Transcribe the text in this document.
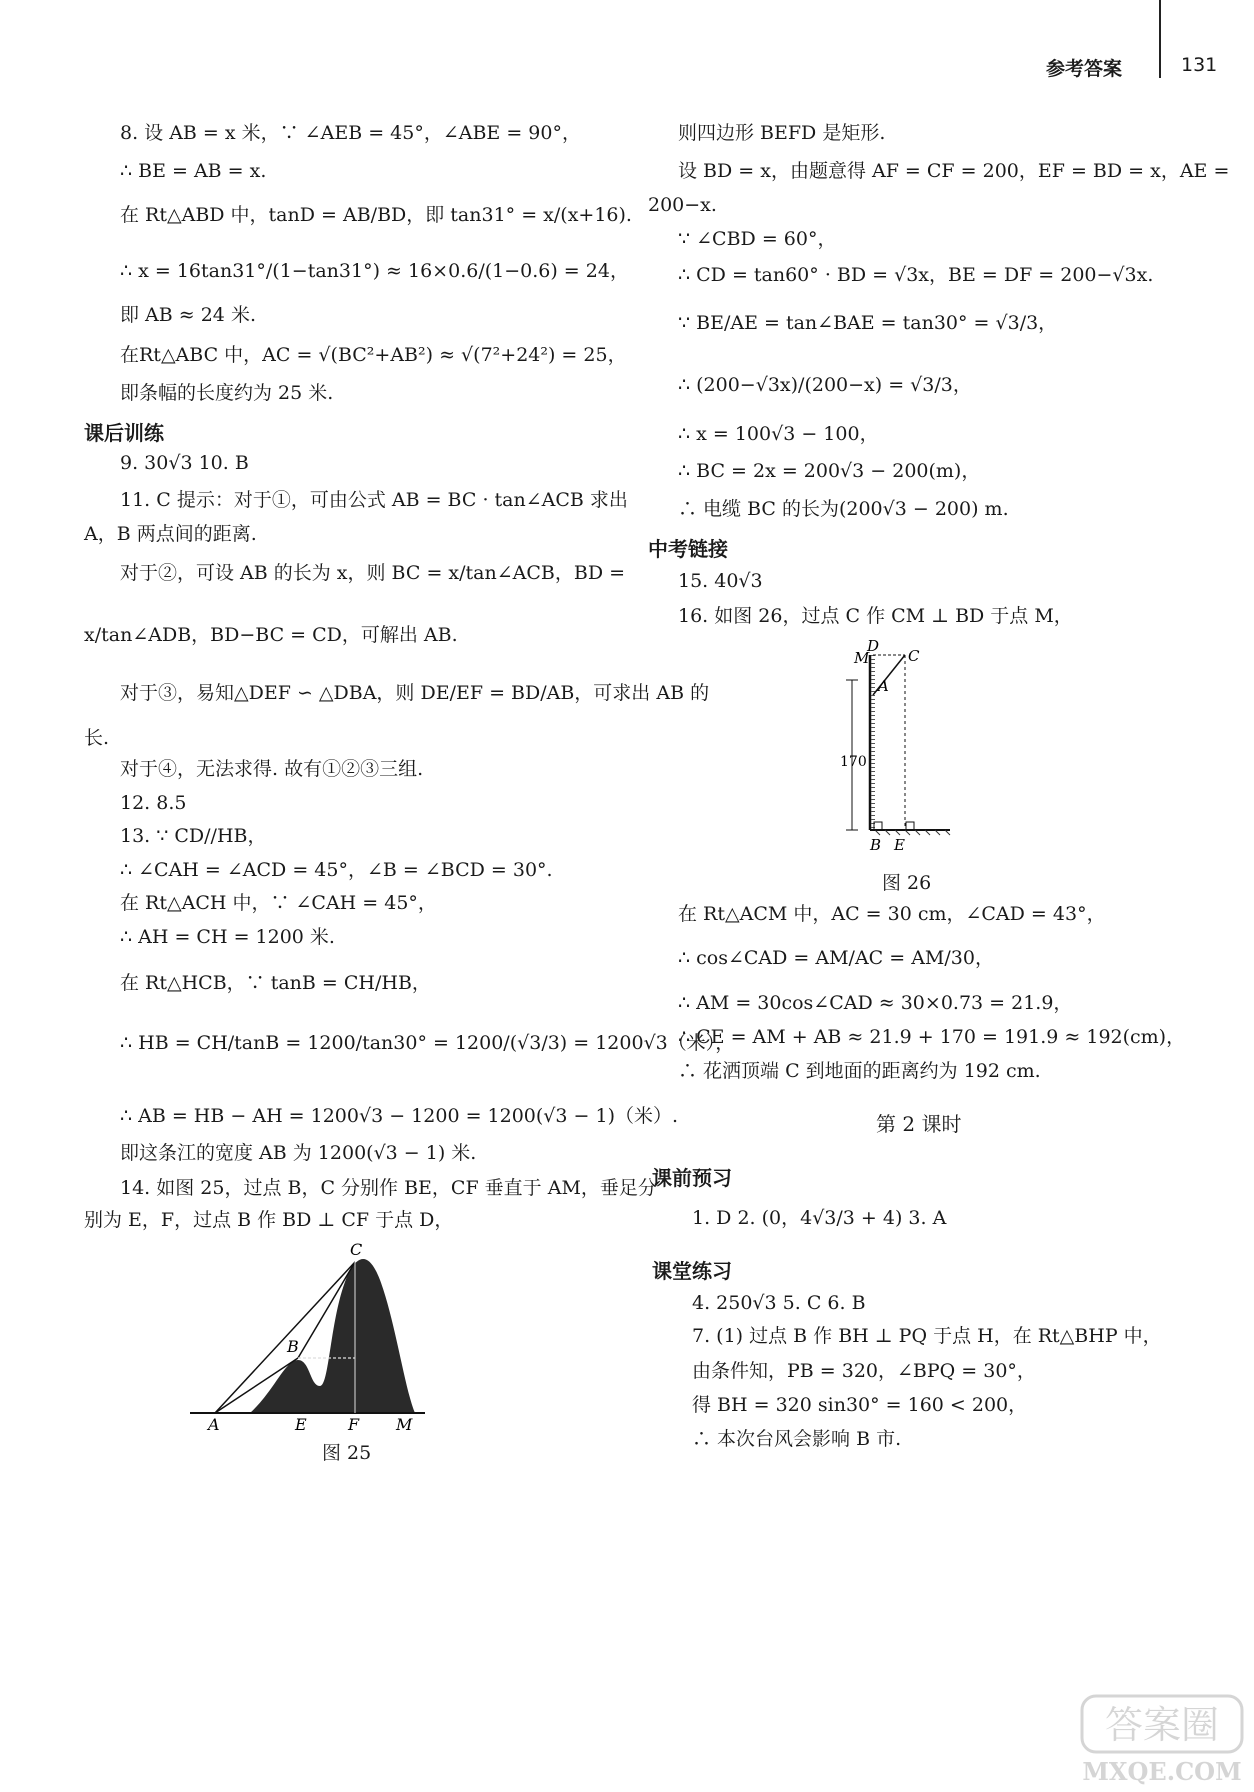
参考答案	131
8. 设 AB = x 米，∵ ∠AEB = 45°，∠ABE = 90°，
∴ BE = AB = x.
在 Rt△ABD 中，tanD = AB/BD，即 tan31° = x/(x+16).
∴ x = 16tan31°/(1−tan31°) ≈ 16×0.6/(1−0.6) = 24，
即 AB ≈ 24 米.
在Rt△ABC 中，AC = √(BC²+AB²) ≈ √(7²+24²) = 25，
即条幅的长度约为 25 米.
课后训练
9. 30√3 10. B
11. C 提示：对于①，可由公式 AB = BC · tan∠ACB 求出
A，B 两点间的距离.
对于②，可设 AB 的长为 x，则 BC = x/tan∠ACB，BD =
x/tan∠ADB，BD−BC = CD，可解出 AB.
对于③，易知△DEF ∽ △DBA，则 DE/EF = BD/AB，可求出 AB 的
长.
对于④，无法求得. 故有①②③三组.
12. 8.5
13. ∵ CD//HB，
∴ ∠CAH = ∠ACD = 45°，∠B = ∠BCD = 30°.
在 Rt△ACH 中，∵ ∠CAH = 45°，
∴ AH = CH = 1200 米.
在 Rt△HCB，∵ tanB = CH/HB，
∴ HB = CH/tanB = 1200/tan30° = 1200/(√3/3) = 1200√3（米），
∴ AB = HB − AH = 1200√3 − 1200 = 1200(√3 − 1)（米）.
即这条江的宽度 AB 为 1200(√3 − 1) 米.
14. 如图 25，过点 B，C 分别作 BE，CF 垂直于 AM，垂足分
别为 E，F，过点 B 作 BD ⊥ CF 于点 D，
C
B
A	E	F M
图 25
则四边形 BEFD 是矩形.
设 BD = x，由题意得 AF = CF = 200，EF = BD = x，AE =
200−x.
∵ ∠CBD = 60°，
∴ CD = tan60° · BD = √3x，BE = DF = 200−√3x.
∵ BE/AE = tan∠BAE = tan30° = √3/3，
∴ (200−√3x)/(200−x) = √3/3，
∴ x = 100√3 − 100，
∴ BC = 2x = 200√3 − 200(m)，
∴ 电缆 BC 的长为(200√3 − 200) m.
中考链接
15. 40√3
16. 如图 26，过点 C 作 CM ⊥ BD 于点 M，
D
M	C
A
170
B E
图 26
在 Rt△ACM 中，AC = 30 cm，∠CAD = 43°，
∴ cos∠CAD = AM/AC = AM/30，
∴ AM = 30cos∠CAD ≈ 30×0.73 = 21.9，
∴ CE = AM + AB ≈ 21.9 + 170 = 191.9 ≈ 192(cm)，
∴ 花洒顶端 C 到地面的距离约为 192 cm.
第 2 课时
课前预习
1. D 2. (0，4√3/3 + 4) 3. A
课堂练习
4. 250√3 5. C 6. B
7. (1) 过点 B 作 BH ⊥ PQ 于点 H，在 Rt△BHP 中，
由条件知，PB = 320，∠BPQ = 30°，
得 BH = 320 sin30° = 160 < 200，
∴ 本次台风会影响 B 市.
答案圈
MXQE.COM
